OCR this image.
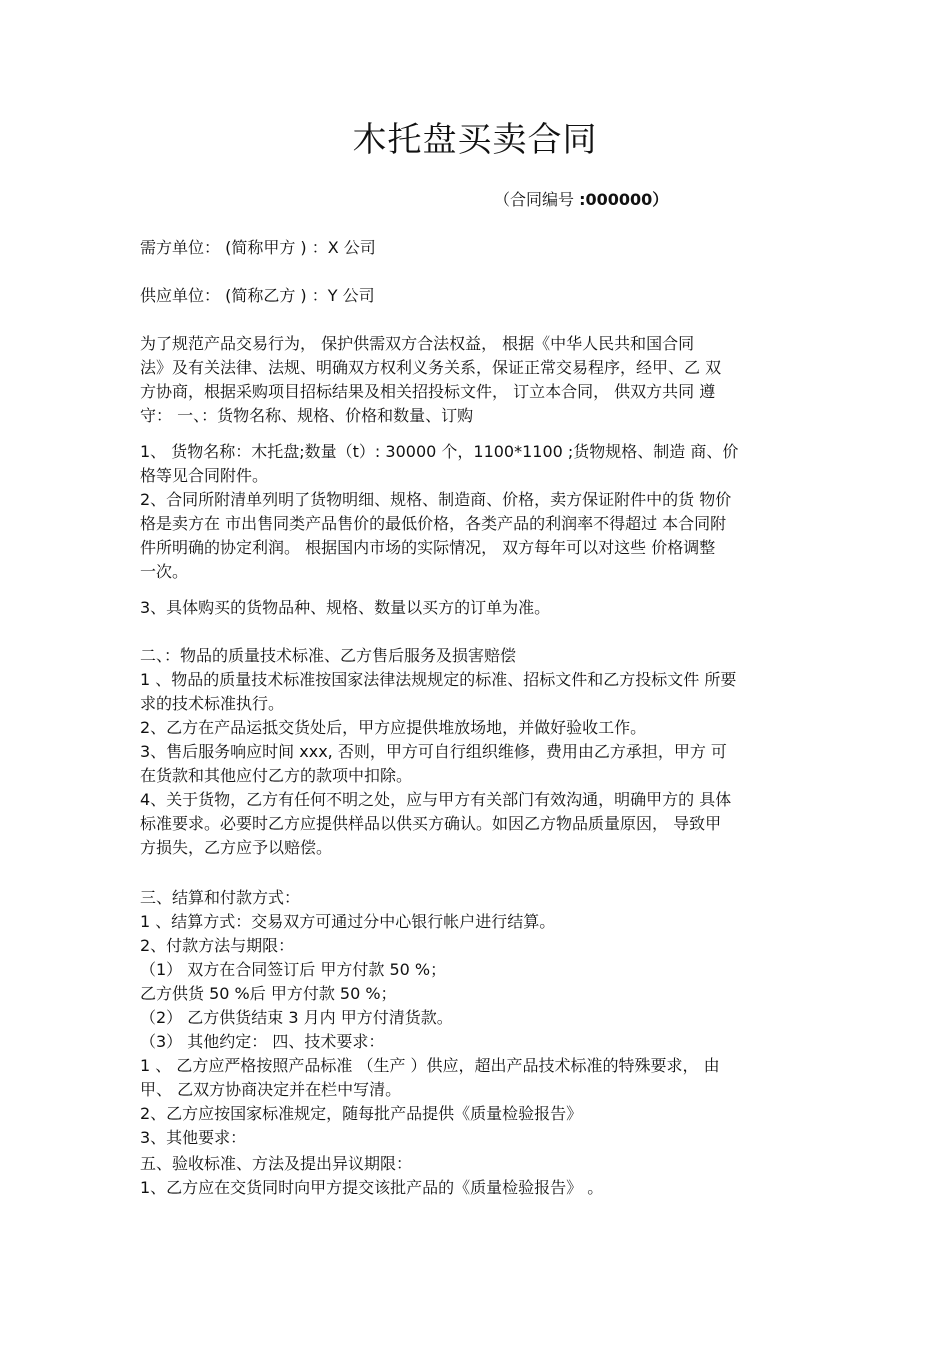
木托盘买卖合同
（合同编号 :000000）
需方单位： (简称甲方 ) ：X 公司
供应单位： (简称乙方 ) ：Y 公司
为了规范产品交易行为， 保护供需双方合法权益， 根据《中华人民共和国合同
法》及有关法律、法规、明确双方权利义务关系，保证正常交易程序，经甲、乙 双
方协商，根据采购项目招标结果及相关招投标文件， 订立本合同， 供双方共同 遵
守： 一、：货物名称、规格、价格和数量、订购
1、 货物名称：木托盘;数量（t）: 30000 个，1100*1100 ;货物规格、制造 商、价
格等见合同附件。
2、合同所附清单列明了货物明细、规格、制造商、价格，卖方保证附件中的货 物价
格是卖方在 市出售同类产品售价的最低价格，各类产品的利润率不得超过 本合同附
件所明确的协定利润。 根据国内市场的实际情况， 双方每年可以对这些 价格调整
一次。
3、具体购买的货物品种、规格、数量以买方的订单为准。
二、：物品的质量技术标准、乙方售后服务及损害赔偿
1 、物品的质量技术标准按国家法律法规规定的标准、招标文件和乙方投标文件 所要
求的技术标准执行。
2、乙方在产品运抵交货处后，甲方应提供堆放场地，并做好验收工作。
3、售后服务响应时间 xxx, 否则，甲方可自行组织维修，费用由乙方承担，甲方 可
在货款和其他应付乙方的款项中扣除。
4、关于货物，乙方有任何不明之处，应与甲方有关部门有效沟通，明确甲方的 具体
标准要求。必要时乙方应提供样品以供买方确认。如因乙方物品质量原因， 导致甲
方损失，乙方应予以赔偿。
三、结算和付款方式：
1 、结算方式：交易双方可通过分中心银行帐户进行结算。
2、付款方法与期限：
（1） 双方在合同签订后 甲方付款 50 %；
乙方供货 50 %后 甲方付款 50 %；
（2） 乙方供货结束 3 月内 甲方付清货款。
（3） 其他约定： 四、技术要求：
1 、 乙方应严格按照产品标准 （生产 ）供应，超出产品技术标准的特殊要求， 由
甲、 乙双方协商决定并在栏中写清。
2、乙方应按国家标准规定，随每批产品提供《质量检验报告》
3、其他要求：
五、验收标准、方法及提出异议期限：
1、乙方应在交货同时向甲方提交该批产品的《质量检验报告》 。
